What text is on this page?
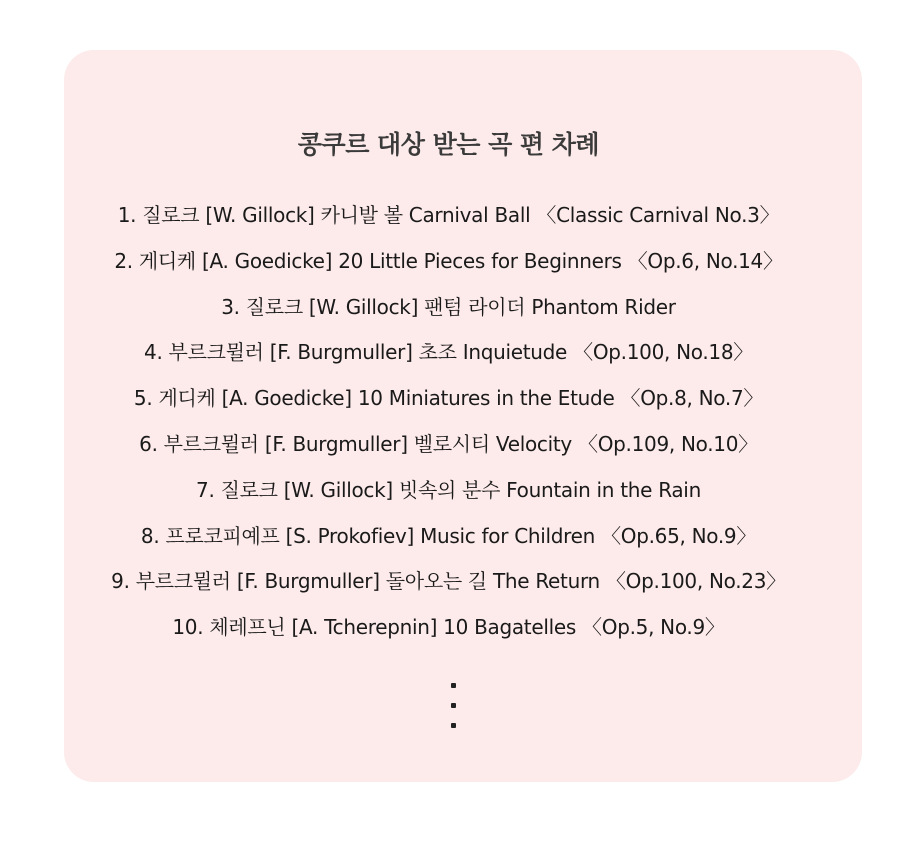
콩쿠르 대상 받는 곡 편 차례
1. 질로크 [W. Gillock] 카니발 볼 Carnival Ball 〈Classic Carnival No.3〉
2. 게디케 [A. Goedicke] 20 Little Pieces for Beginners 〈Op.6, No.14〉
3. 질로크 [W. Gillock] 팬텀 라이더 Phantom Rider
4. 부르크뮐러 [F. Burgmuller] 초조 Inquietude 〈Op.100, No.18〉
5. 게디케 [A. Goedicke] 10 Miniatures in the Etude 〈Op.8, No.7〉
6. 부르크뮐러 [F. Burgmuller] 벨로시티 Velocity 〈Op.109, No.10〉
7. 질로크 [W. Gillock] 빗속의 분수 Fountain in the Rain
8. 프로코피예프 [S. Prokofiev] Music for Children 〈Op.65, No.9〉
9. 부르크뮐러 [F. Burgmuller] 돌아오는 길 The Return 〈Op.100, No.23〉
10. 체레프닌 [A. Tcherepnin] 10 Bagatelles 〈Op.5, No.9〉
